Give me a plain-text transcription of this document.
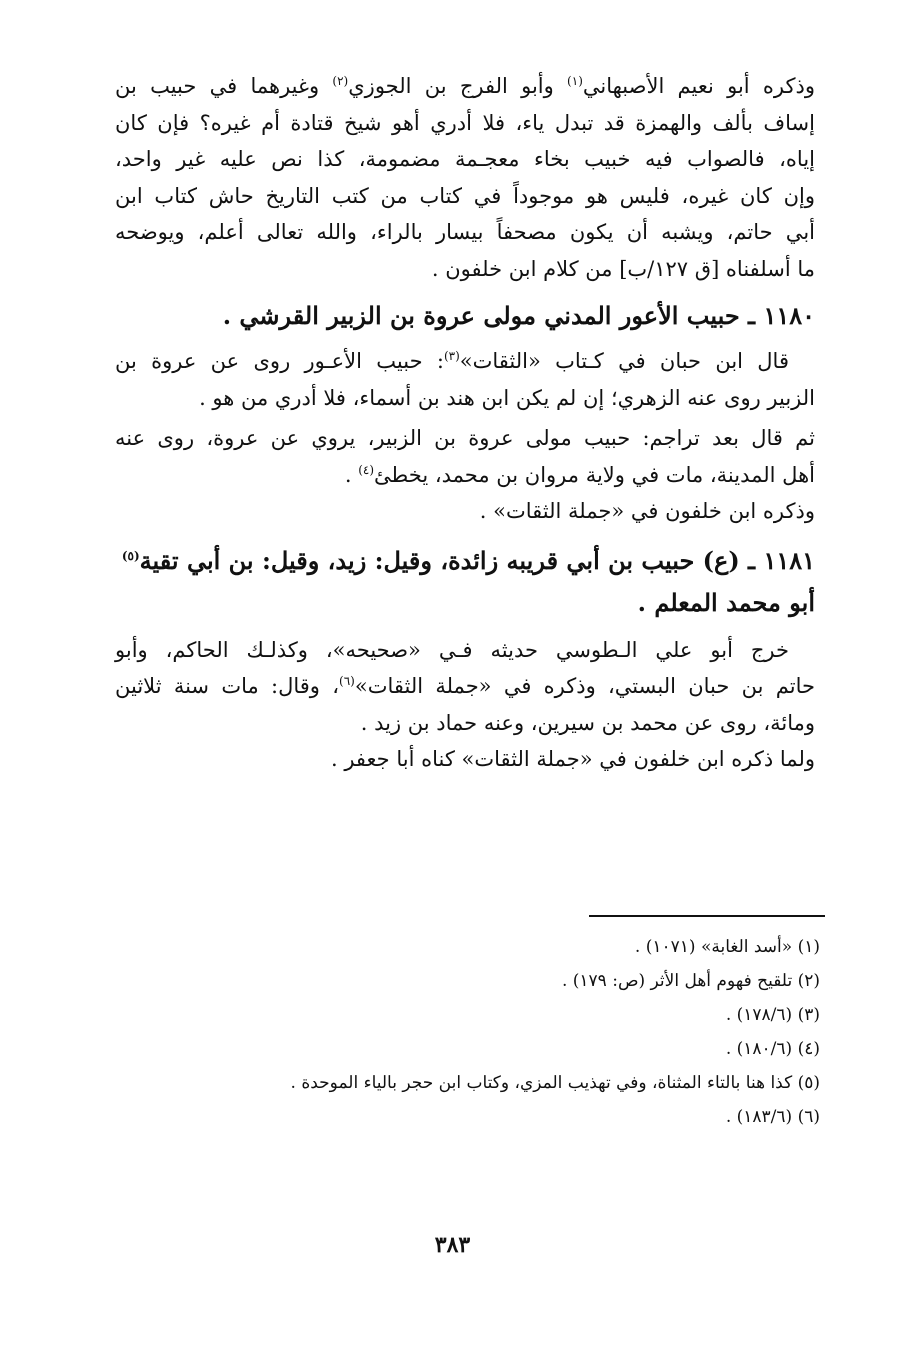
وذكره أبو نعيم الأصبهاني$^{(١)}$ وأبو الفرج بن الجوزي$^{(٢)}$ وغيرهما في حبيب بن
إساف بألف والهمزة قد تبدل ياء، فلا أدري أهو شيخ قتادة أم غيره؟ فإن كان
إياه، فالصواب فيه خبيب بخاء معجـمة مضمومة، كذا نص عليه غير واحد،
وإن كان غيره، فليس هو موجوداً في كتاب من كتب التاريخ حاش كتاب ابن
أبي حاتم، ويشبه أن يكون مصحفاً بيسار بالراء، والله تعالى أعلم، ويوضحه
ما أسلفناه [ق ١٢٧/ب] من كلام ابن خلفون .
١١٨٠ ـ حبيب الأعور المدني مولى عروة بن الزبير القرشي .
قال ابن حبان في كـتاب «الثقات»$^{(٣)}$: حبيب الأعـور روى عن عروة بن
الزبير روى عنه الزهري؛ إن لم يكن ابن هند بن أسماء، فلا أدري من هو .
ثم قال بعد تراجم: حبيب مولى عروة بن الزبير، يروي عن عروة، روى عنه
أهل المدينة، مات في ولاية مروان بن محمد، يخطئ$^{(٤)}$ .
وذكره ابن خلفون في «جملة الثقات» .
١١٨١ ـ (ع) حبيب بن أبي قريبه زائدة، وقيل: زيد، وقيل: بن أبي تقية$^{(٥)}$
أبو محمد المعلم .
خرج أبو علي الـطوسي حديثه فـي «صحيحه»، وكذلـك الحاكم، وأبو
حاتم بن حبان البستي، وذكره في «جملة الثقات»$^{(٦)}$، وقال: مات سنة ثلاثين
ومائة، روى عن محمد بن سيرين، وعنه حماد بن زيد .
ولما ذكره ابن خلفون في «جملة الثقات» كناه أبا جعفر .
(١) «أسد الغابة» (١٠٧١) .
(٢) تلقيح فهوم أهل الأثر (ص: ١٧٩) .
(٣) (١٧٨/٦) .
(٤) (١٨٠/٦) .
(٥) كذا هنا بالتاء المثناة، وفي تهذيب المزي، وكتاب ابن حجر بالياء الموحدة .
(٦) (١٨٣/٦) .
٣٨٣
